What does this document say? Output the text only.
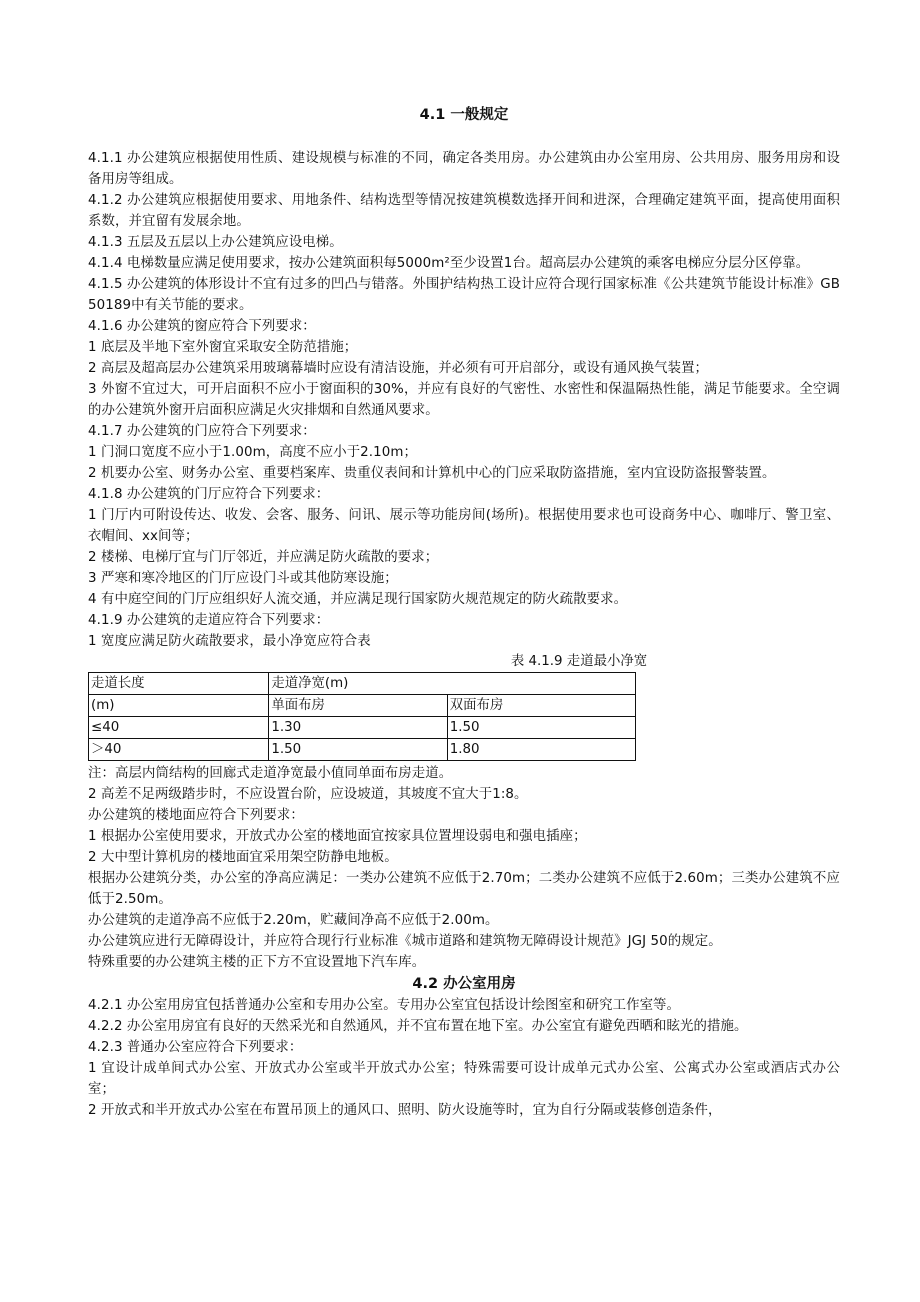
4.1 一般规定

4.1.1 办公建筑应根据使用性质、建设规模与标准的不同，确定各类用房。办公建筑由办公室用房、公共用房、服务用房和设备用房等组成。

4.1.2 办公建筑应根据使用要求、用地条件、结构选型等情况按建筑模数选择开间和进深，合理确定建筑平面，提高使用面积系数，并宜留有发展余地。

4.1.3 五层及五层以上办公建筑应设电梯。

4.1.4 电梯数量应满足使用要求，按办公建筑面积每5000m²至少设置1台。超高层办公建筑的乘客电梯应分层分区停靠。

4.1.5 办公建筑的体形设计不宜有过多的凹凸与错落。外围护结构热工设计应符合现行国家标准《公共建筑节能设计标准》GB 50189中有关节能的要求。

4.1.6 办公建筑的窗应符合下列要求：

1 底层及半地下室外窗宜采取安全防范措施；

2 高层及超高层办公建筑采用玻璃幕墙时应设有清洁设施，并必须有可开启部分，或设有通风换气装置；

3 外窗不宜过大，可开启面积不应小于窗面积的30%，并应有良好的气密性、水密性和保温隔热性能，满足节能要求。全空调的办公建筑外窗开启面积应满足火灾排烟和自然通风要求。

4.1.7 办公建筑的门应符合下列要求：

1 门洞口宽度不应小于1.00m，高度不应小于2.10m；

2 机要办公室、财务办公室、重要档案库、贵重仪表间和计算机中心的门应采取防盗措施，室内宜设防盗报警装置。

4.1.8 办公建筑的门厅应符合下列要求：

1 门厅内可附设传达、收发、会客、服务、问讯、展示等功能房间(场所)。根据使用要求也可设商务中心、咖啡厅、警卫室、衣帽间、xx间等；

2 楼梯、电梯厅宜与门厅邻近，并应满足防火疏散的要求；

3 严寒和寒冷地区的门厅应设门斗或其他防寒设施；

4 有中庭空间的门厅应组织好人流交通，并应满足现行国家防火规范规定的防火疏散要求。

4.1.9 办公建筑的走道应符合下列要求：

1 宽度应满足防火疏散要求，最小净宽应符合表

表 4.1.9 走道最小净宽

走道长度	走道净宽(m)	
(m)	单面布房	双面布房
≤40	1.30	1.50
＞40	1.50	1.80

注：高层内筒结构的回廊式走道净宽最小值同单面布房走道。

2 高差不足两级踏步时，不应设置台阶，应设坡道，其坡度不宜大于1:8。

办公建筑的楼地面应符合下列要求：

1 根据办公室使用要求，开放式办公室的楼地面宜按家具位置埋设弱电和强电插座；

2 大中型计算机房的楼地面宜采用架空防静电地板。

根据办公建筑分类，办公室的净高应满足：一类办公建筑不应低于2.70m；二类办公建筑不应低于2.60m；三类办公建筑不应低于2.50m。

办公建筑的走道净高不应低于2.20m，贮藏间净高不应低于2.00m。

办公建筑应进行无障碍设计，并应符合现行行业标准《城市道路和建筑物无障碍设计规范》JGJ 50的规定。

特殊重要的办公建筑主楼的正下方不宜设置地下汽车库。

4.2 办公室用房

4.2.1 办公室用房宜包括普通办公室和专用办公室。专用办公室宜包括设计绘图室和研究工作室等。

4.2.2 办公室用房宜有良好的天然采光和自然通风，并不宜布置在地下室。办公室宜有避免西晒和眩光的措施。

4.2.3 普通办公室应符合下列要求：

1 宜设计成单间式办公室、开放式办公室或半开放式办公室；特殊需要可设计成单元式办公室、公寓式办公室或酒店式办公室；

2 开放式和半开放式办公室在布置吊顶上的通风口、照明、防火设施等时，宜为自行分隔或装修创造条件，
